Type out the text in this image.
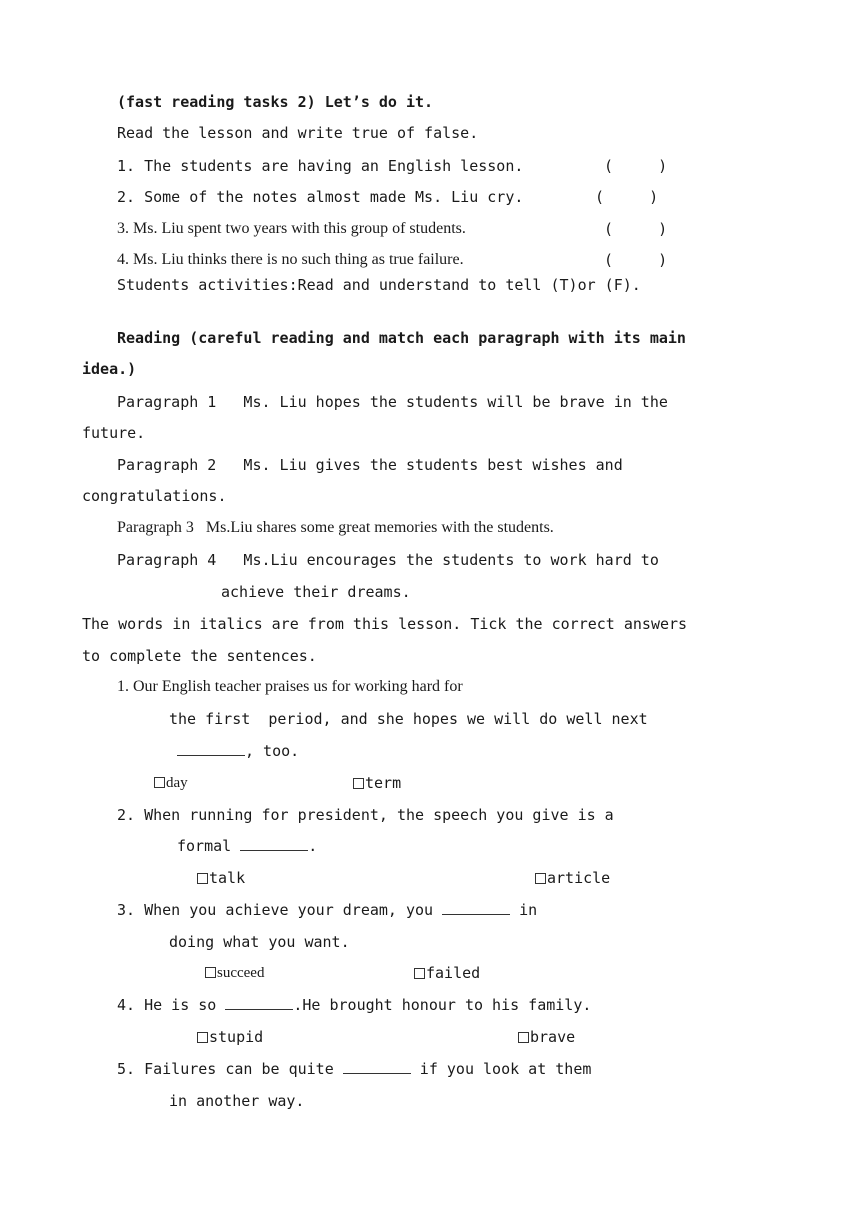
(fast reading tasks 2) Let’s do it.
Read the lesson and write true of false.
1. The students are having an English lesson.	(     )
2. Some of the notes almost made Ms. Liu cry.	(     )
3. Ms. Liu spent two years with this group of students.	(     )
4. Ms. Liu thinks there is no such thing as true failure.	(     )
Students activities:Read and understand to tell (T)or (F).
Reading (careful reading and match each paragraph with its main
idea.)
Paragraph 1   Ms. Liu hopes the students will be brave in the
future.
Paragraph 2   Ms. Liu gives the students best wishes and
congratulations.
Paragraph 3   Ms.Liu shares some great memories with the students.
Paragraph 4   Ms.Liu encourages the students to work hard to
achieve their dreams.
The words in italics are from this lesson. Tick the correct answers
to complete the sentences.
1. Our English teacher praises us for working hard for
the first  period, and she hopes we will do well next
, too.
day	term
2. When running for president, the speech you give is a
formal	.
talk	article
3. When you achieve your dream, you	in
doing what you want.
succeed	failed
4. He is so	.He brought honour to his family.
stupid	brave
5. Failures can be quite	if you look at them
in another way.
